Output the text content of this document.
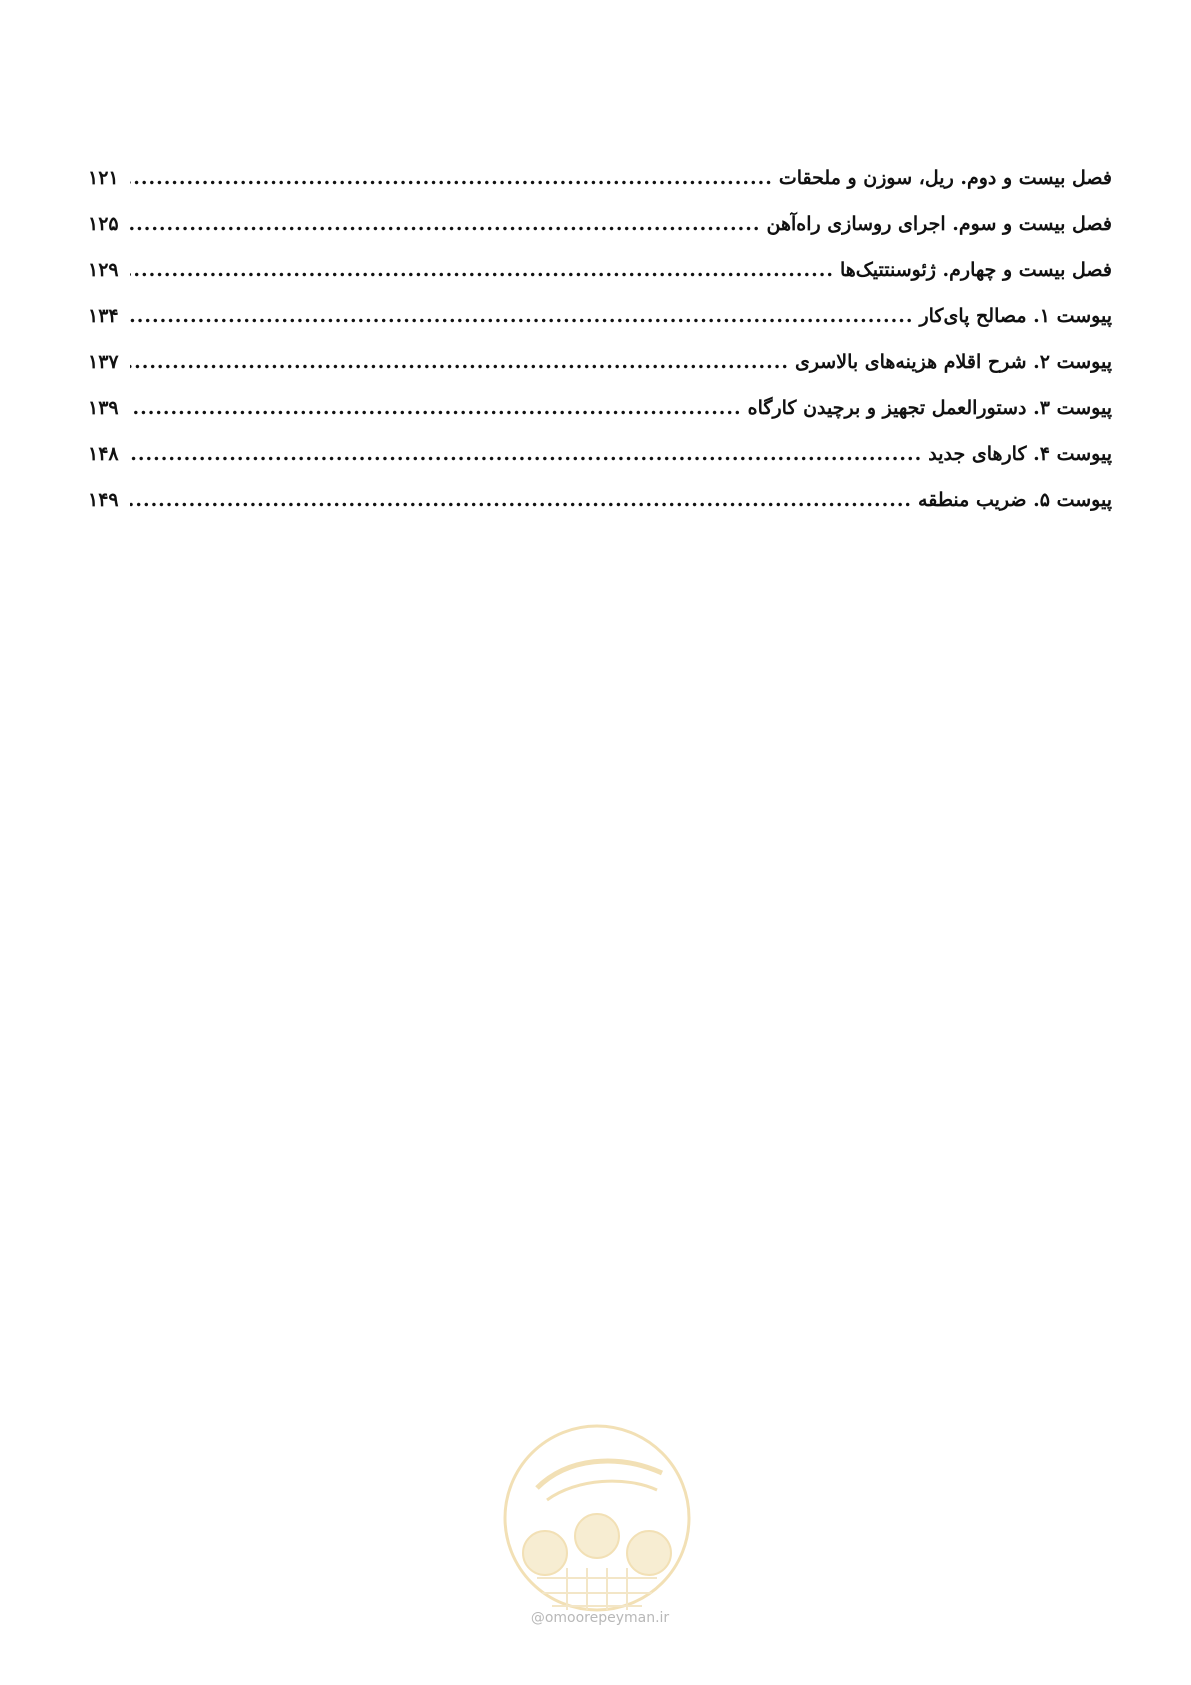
فصل بیست و دوم. ریل، سوزن و ملحقات
.....
۱۲۱
فصل بیست و سوم. اجرای روسازی راه‌آهن
.....
۱۲۵
فصل بیست و چهارم. ژئوسنتتیک‌ها
.....
۱۲۹
پیوست ۱. مصالح پای‌کار
.....
۱۳۴
پیوست ۲. شرح اقلام هزینه‌های بالاسری
.....
۱۳۷
پیوست ۳. دستورالعمل تجهیز و برچیدن کارگاه
.....
۱۳۹
پیوست ۴. کارهای جدید
.....
۱۴۸
پیوست ۵. ضریب منطقه
.....
۱۴۹
@omoorepeyman.ir
